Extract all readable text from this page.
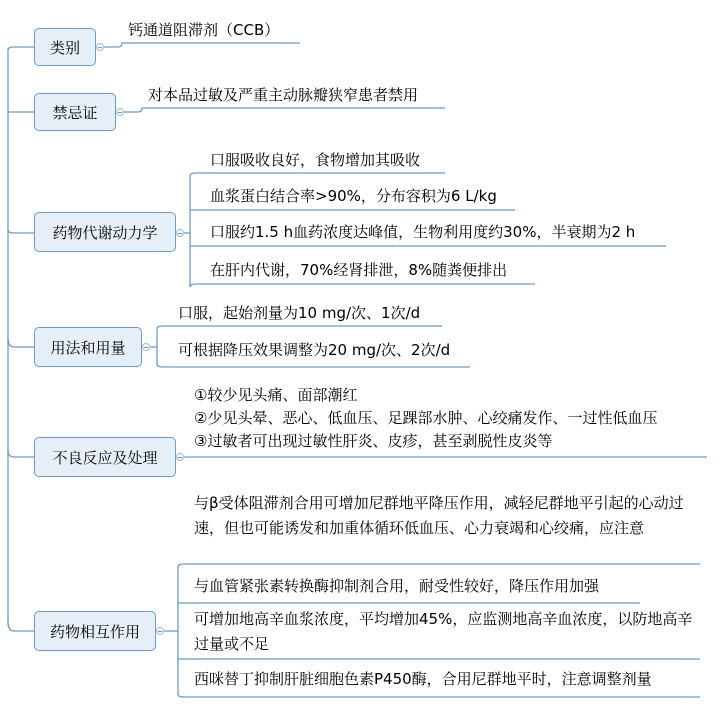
类别
钙通道阻滞剂（CCB）
禁忌证
对本品过敏及严重主动脉瓣狭窄患者禁用
药物代谢动力学
口服吸收良好，食物增加其吸收
血浆蛋白结合率>90%，分布容积为6 L/kg
口服约1.5 h血药浓度达峰值，生物利用度约30%，半衰期为2 h
在肝内代谢，70%经肾排泄，8%随粪便排出
用法和用量
口服，起始剂量为10 mg/次、1次/d
可根据降压效果调整为20 mg/次、2次/d
不良反应及处理
①较少见头痛、面部潮红
②少见头晕、恶心、低血压、足踝部水肿、心绞痛发作、一过性低血压
③过敏者可出现过敏性肝炎、皮疹，甚至剥脱性皮炎等
药物相互作用
与β受体阻滞剂合用可增加尼群地平降压作用，减轻尼群地平引起的心动过速，但也可能诱发和加重体循环低血压、心力衰竭和心绞痛，应注意
与血管紧张素转换酶抑制剂合用，耐受性较好，降压作用加强
可增加地高辛血浆浓度，平均增加45%，应监测地高辛血浓度，以防地高辛过量或不足
西咪替丁抑制肝脏细胞色素P450酶，合用尼群地平时，注意调整剂量
